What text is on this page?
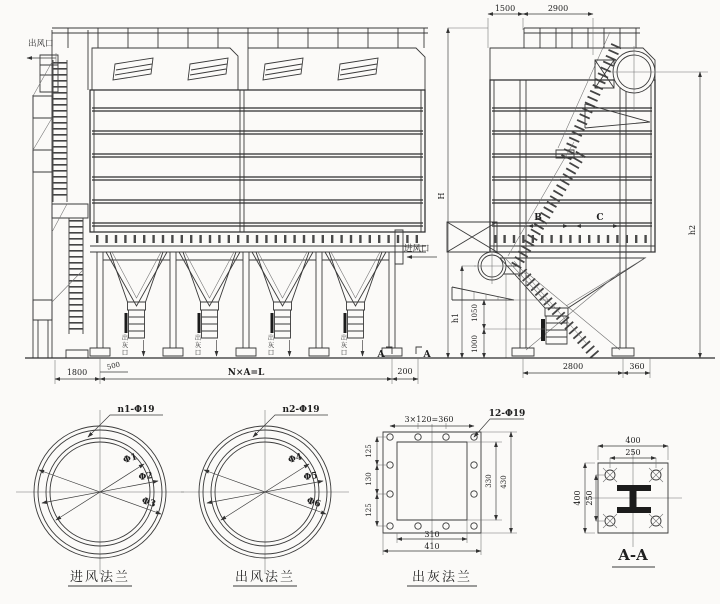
出风口
进风口
1800
500
N×A=L	200
A	A
1500	2900
H
h1 1050
1000
h2
B	C
2800	360
Φ1
Φ2
Φ3
n1-Φ19
进风法兰
Φ4
Φ5
Φ6
n2-Φ19
出风法兰
3×120=360
12-Φ19
125
130
125
330 430
310
410
出灰法兰
400
250
400 250
A-A
出灰口	出灰口	出灰口	出灰口
